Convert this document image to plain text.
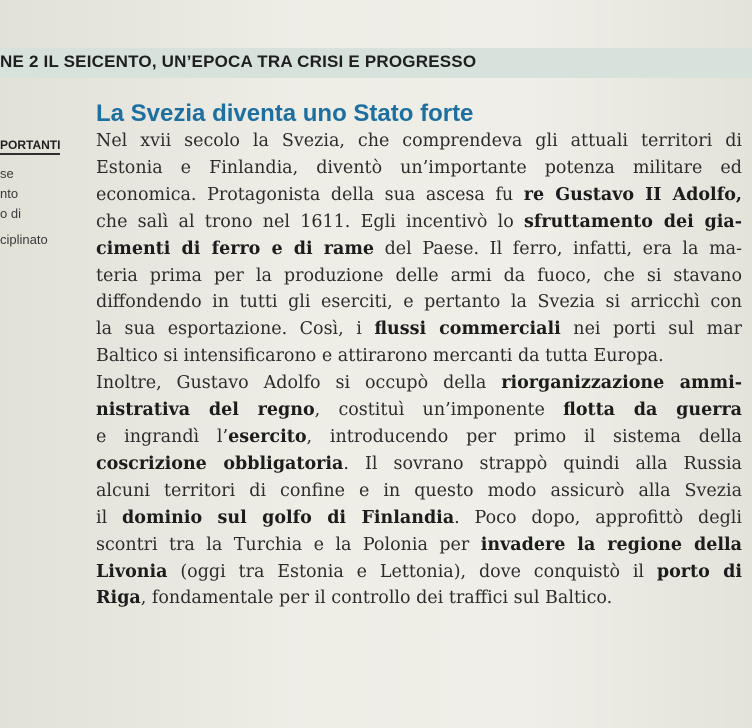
NE 2 IL SEICENTO, UN’EPOCA TRA CRISI E PROGRESSO
La Svezia diventa uno Stato forte
PORTANTI
se
nto
o di
ciplinato
Nel xvii secolo la Svezia, che comprendeva gli attuali territori di
Estonia e Finlandia, diventò un’importante potenza militare ed
economica. Protagonista della sua ascesa fu re Gustavo II Adolfo,
che salì al trono nel 1611. Egli incentivò lo sfruttamento dei gia-
cimenti di ferro e di rame del Paese. Il ferro, infatti, era la ma-
teria prima per la produzione delle armi da fuoco, che si stavano
diffondendo in tutti gli eserciti, e pertanto la Svezia si arricchì con
la sua esportazione. Così, i flussi commerciali nei porti sul mar
Baltico si intensificarono e attirarono mercanti da tutta Europa.
Inoltre, Gustavo Adolfo si occupò della riorganizzazione ammi-
nistrativa del regno, costituì un’imponente flotta da guerra
e ingrandì l’esercito, introducendo per primo il sistema della
coscrizione obbligatoria. Il sovrano strappò quindi alla Russia
alcuni territori di confine e in questo modo assicurò alla Svezia
il dominio sul golfo di Finlandia. Poco dopo, approfittò degli
scontri tra la Turchia e la Polonia per invadere la regione della
Livonia (oggi tra Estonia e Lettonia), dove conquistò il porto di
Riga, fondamentale per il controllo dei traffici sul Baltico.
